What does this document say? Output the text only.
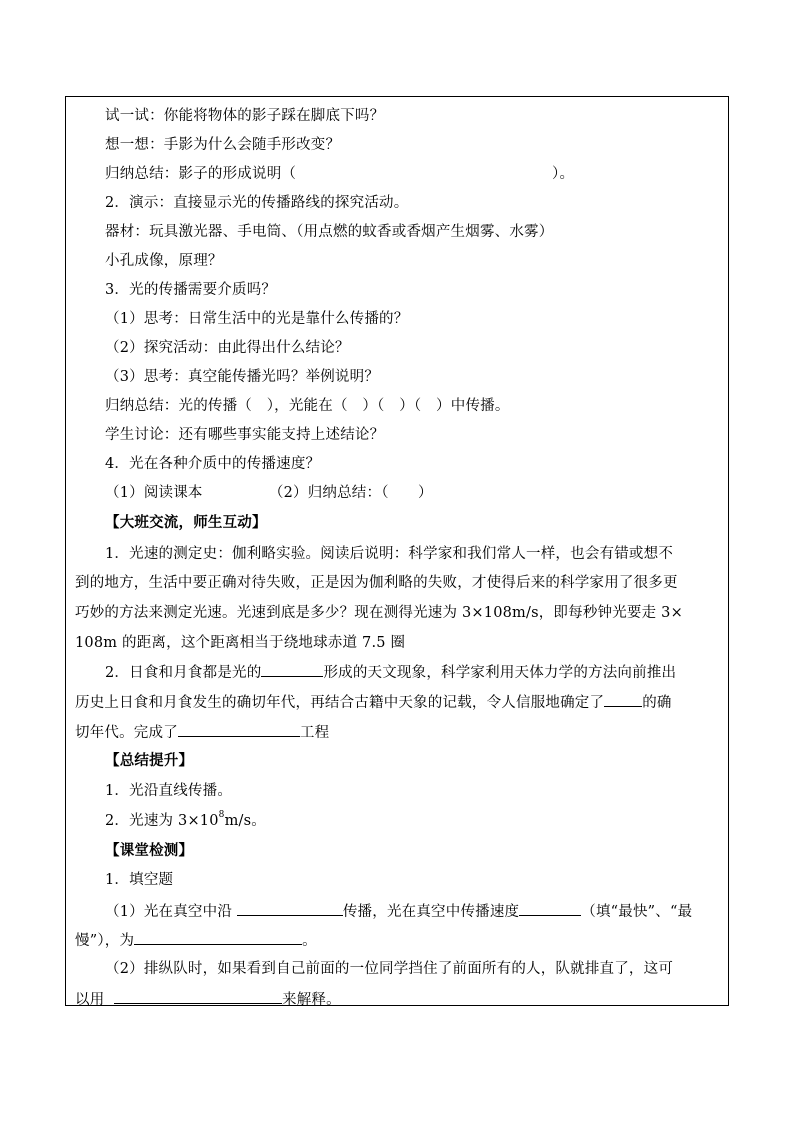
试一试：你能将物体的影子踩在脚底下吗？
想一想：手影为什么会随手形改变？
归纳总结：影子的形成说明（	）。
2．演示：直接显示光的传播路线的探究活动。
器材：玩具激光器、手电筒、（用点燃的蚊香或香烟产生烟雾、水雾）
小孔成像，原理？
3．光的传播需要介质吗？
（1）思考：日常生活中的光是靠什么传播的？
（2）探究活动：由此得出什么结论？
（3）思考：真空能传播光吗？举例说明？
归纳总结：光的传播（　），光能在（　）（　）（　）中传播。
学生讨论：还有哪些事实能支持上述结论？
4．光在各种介质中的传播速度？
（1）阅读课本　　　　　（2）归纳总结：（　　）
【大班交流，师生互动】
1．光速的测定史：伽利略实验。阅读后说明：科学家和我们常人一样，也会有错或想不
到的地方，生活中要正确对待失败，正是因为伽利略的失败，才使得后来的科学家用了很多更
巧妙的方法来测定光速。光速到底是多少？现在测得光速为 3×108m/s，即每秒钟光要走 3×
108m 的距离，这个距离相当于绕地球赤道 7.5 圈
2．日食和月食都是光的	形成的天文现象，科学家利用天体力学的方法向前推出
历史上日食和月食发生的确切年代，再结合古籍中天象的记载，令人信服地确定了	的确
切年代。完成了	工程
【总结提升】
1．光沿直线传播。
2．光速为 $3\times 10^8m/s$。
【课堂检测】
1．填空题
（1）光在真空中沿	传播，光在真空中传播速度	（填“最快”、“最
慢”），为	。
（2）排纵队时，如果看到自己前面的一位同学挡住了前面所有的人，队就排直了，这可
以用	来解释。
